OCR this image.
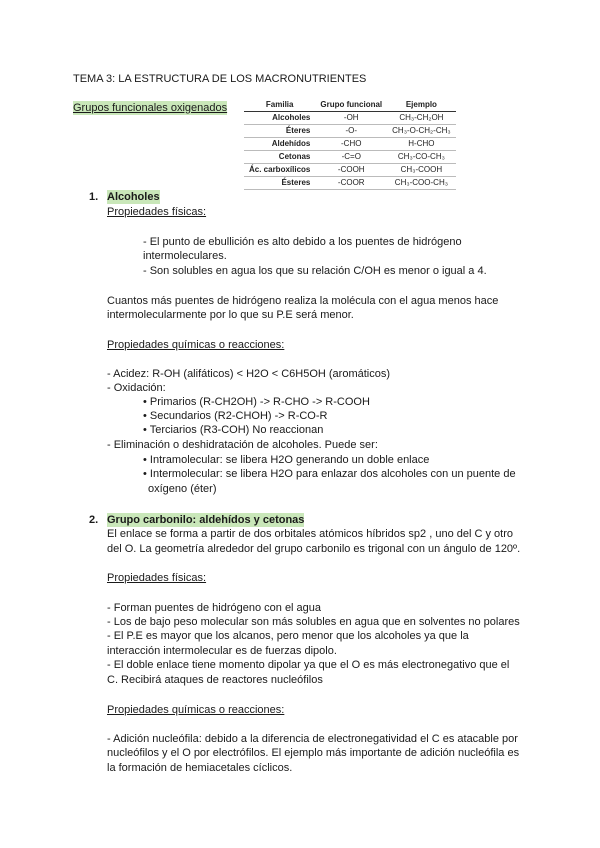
TEMA 3: LA ESTRUCTURA DE LOS MACRONUTRIENTES
Grupos funcionales oxigenados	Familia	Grupo funcional	Ejemplo
Alcoholes	-OH	CH₃-CH₂OH
Éteres	-O-	CH₃-O-CH₂-CH₃
Aldehídos	-CHO	H-CHO
Cetonas	-C=O	CH₃-CO-CH₃
Ác. carboxílicos	-COOH	CH₃-COOH
Ésteres	-COOR	CH₃-COO-CH₃
1. Alcoholes
Propiedades físicas:
- El punto de ebullición es alto debido a los puentes de hidrógeno
intermoleculares.
- Son solubles en agua los que su relación C/OH es menor o igual a 4.
Cuantos más puentes de hidrógeno realiza la molécula con el agua menos hace
intermolecularmente por lo que su P.E será menor.
Propiedades químicas o reacciones:
- Acidez: R-OH (alifáticos) < H2O < C6H5OH (aromáticos)
- Oxidación:
• Primarios (R-CH2OH) -> R-CHO -> R-COOH
• Secundarios (R2-CHOH) -> R-CO-R
• Terciarios (R3-COH) No reaccionan
- Eliminación o deshidratación de alcoholes. Puede ser:
• Intramolecular: se libera H2O generando un doble enlace
• Intermolecular: se libera H2O para enlazar dos alcoholes con un puente de
oxígeno (éter)
2. Grupo carbonilo: aldehídos y cetonas
El enlace se forma a partir de dos orbitales atómicos híbridos sp2 , uno del C y otro
del O. La geometría alrededor del grupo carbonilo es trigonal con un ángulo de 120º.
Propiedades físicas:
- Forman puentes de hidrógeno con el agua
- Los de bajo peso molecular son más solubles en agua que en solventes no polares
- El P.E es mayor que los alcanos, pero menor que los alcoholes ya que la
interacción intermolecular es de fuerzas dipolo.
- El doble enlace tiene momento dipolar ya que el O es más electronegativo que el
C. Recibirá ataques de reactores nucleófilos
Propiedades químicas o reacciones:
- Adición nucleófila: debido a la diferencia de electronegatividad el C es atacable por
nucleófilos y el O por electrófilos. El ejemplo más importante de adición nucleófila es
la formación de hemiacetales cíclicos.
